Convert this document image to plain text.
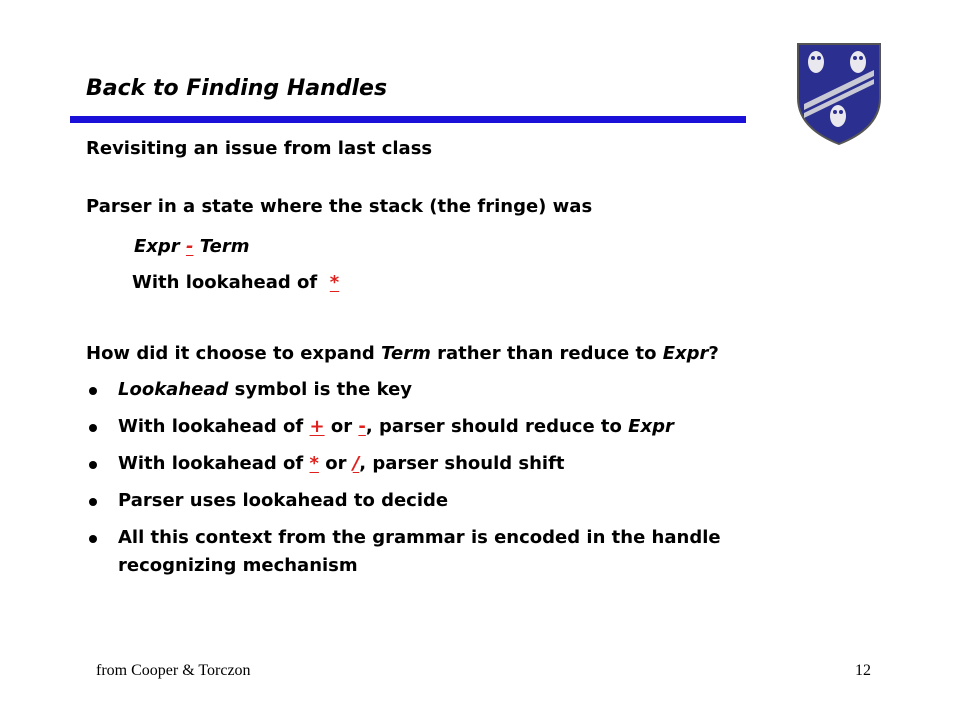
Back to Finding Handles
Revisiting an issue from last class
Parser in a state where the stack (the fringe) was
Expr - Term
With lookahead of *
How did it choose to expand Term rather than reduce to Expr?
Lookahead symbol is the key
With lookahead of + or -, parser should reduce to Expr
With lookahead of * or /, parser should shift
Parser uses lookahead to decide
All this context from the grammar is encoded in the handle
recognizing mechanism
from Cooper & Torczon	12
